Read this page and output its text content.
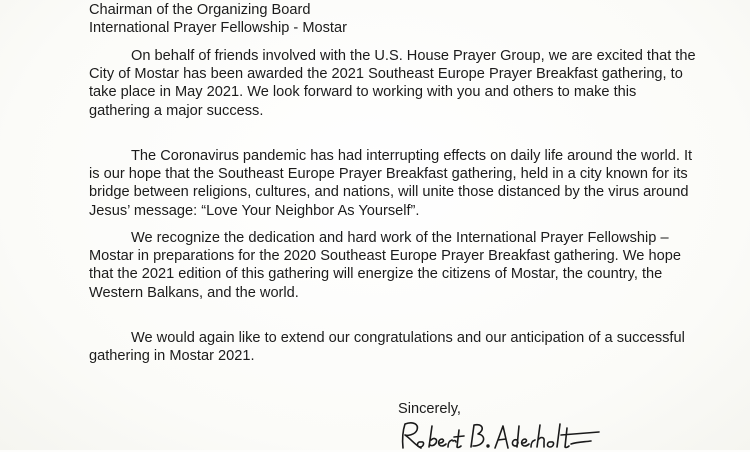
Chairman of the Organizing Board
International Prayer Fellowship - Mostar

On behalf of friends involved with the U.S. House Prayer Group, we are excited that the
City of Mostar has been awarded the 2021 Southeast Europe Prayer Breakfast gathering, to
take place in May 2021. We look forward to working with you and others to make this
gathering a major success.

The Coronavirus pandemic has had interrupting effects on daily life around the world. It
is our hope that the Southeast Europe Prayer Breakfast gathering, held in a city known for its
bridge between religions, cultures, and nations, will unite those distanced by the virus around
Jesus’ message: “Love Your Neighbor As Yourself”.

We recognize the dedication and hard work of the International Prayer Fellowship –
Mostar in preparations for the 2020 Southeast Europe Prayer Breakfast gathering. We hope
that the 2021 edition of this gathering will energize the citizens of Mostar, the country, the
Western Balkans, and the world.

We would again like to extend our congratulations and our anticipation of a successful
gathering in Mostar 2021.

Sincerely,
